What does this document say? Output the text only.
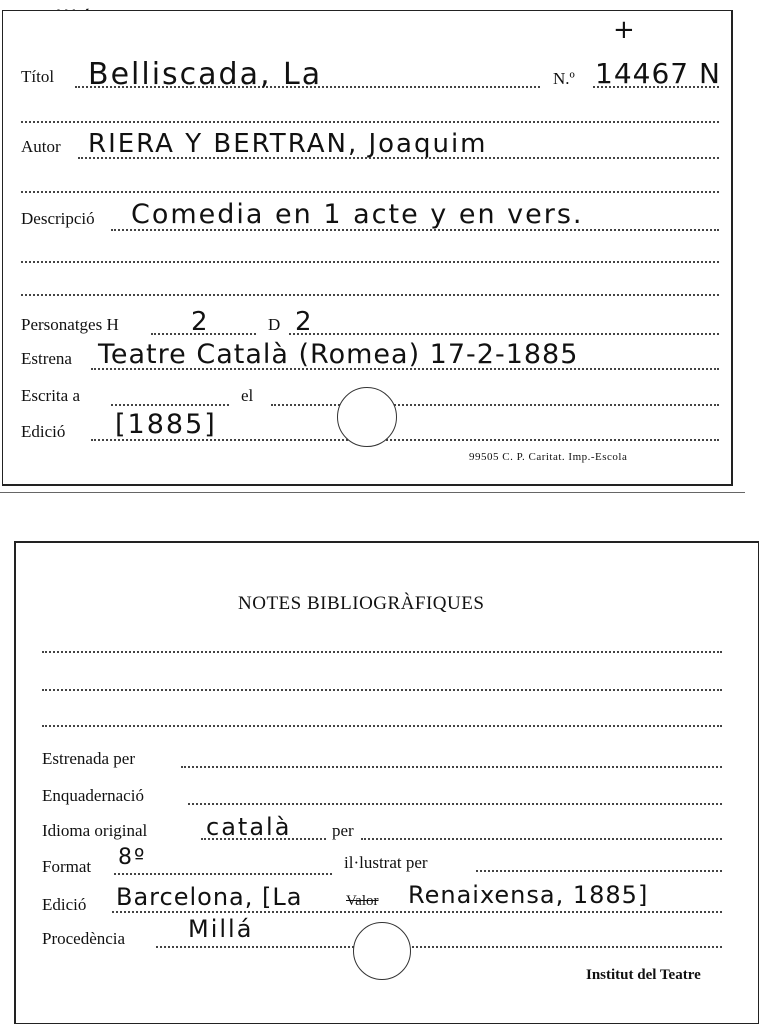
+
Títol Belliscada, La	N.º 14467 N
Autor RIERA Y BERTRAN, Joaquim
Descripció Comedia en 1 acte y en vers.
Personatges H	2	D 2
Estrena Teatre Català (Romea) 17-2-1885
Escrita a	el
Edició [1885]
99505 C. P. Caritat. Imp.-Escola
NOTES BIBLIOGRÀFIQUES
Estrenada per
Enquadernació
Idioma original català per
Format 8º	il·lustrat per
Edició Barcelona, [La	Valor Renaixensa, 1885]
Procedència	Millá
Institut del Teatre
